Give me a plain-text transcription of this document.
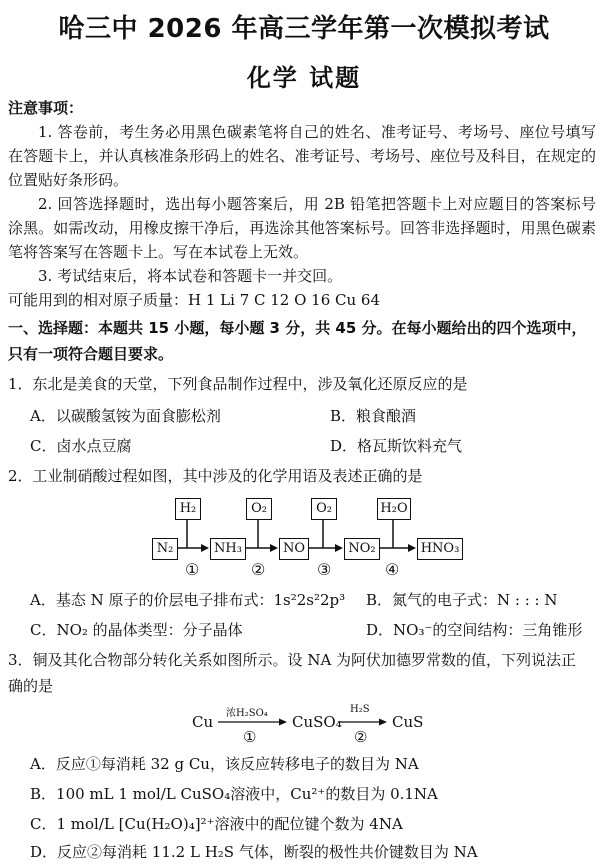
哈三中 2026 年高三学年第一次模拟考试
化学 试题
注意事项：
1. 答卷前，考生务必用黑色碳素笔将自己的姓名、准考证号、考场号、座位号填写在答题卡上，并认真核准条形码上的姓名、准考证号、考场号、座位号及科目，在规定的位置贴好条形码。
2. 回答选择题时，选出每小题答案后，用 2B 铅笔把答题卡上对应题目的答案标号涂黑。如需改动，用橡皮擦干净后，再选涂其他答案标号。回答非选择题时，用黑色碳素笔将答案写在答题卡上。写在本试卷上无效。
3. 考试结束后，将本试卷和答题卡一并交回。
可能用到的相对原子质量：H 1 Li 7 C 12 O 16 Cu 64
一、选择题：本题共 15 小题，每小题 3 分，共 45 分。在每小题给出的四个选项中，
只有一项符合题目要求。
1．东北是美食的天堂，下列食品制作过程中，涉及氧化还原反应的是
A．以碳酸氢铵为面食膨松剂	B．粮食酿酒
C．卤水点豆腐	D．格瓦斯饮料充气
2．工业制硝酸过程如图，其中涉及的化学用语及表述正确的是
H₂	O₂	O₂	H₂O
N₂	NH₃	NO	NO₂	HNO₃
①	②	③	④
A．基态 N 原子的价层电子排布式：1s²2s²2p³ B．氮气的电子式：N : : : N
C．NO₂ 的晶体类型：分子晶体	D．NO₃⁻的空间结构：三角锥形
3．铜及其化合物部分转化关系如图所示。设 NA 为阿伏加德罗常数的值，下列说法正
确的是
Cu	CuSO₄	CuS
浓H₂SO₄	H₂S
①	②
A．反应①每消耗 32 g Cu，该反应转移电子的数目为 NA
B．100 mL 1 mol/L CuSO₄溶液中，Cu²⁺的数目为 0.1NA
C．1 mol/L [Cu(H₂O)₄]²⁺溶液中的配位键个数为 4NA
D．反应②每消耗 11.2 L H₂S 气体，断裂的极性共价键数目为 NA
